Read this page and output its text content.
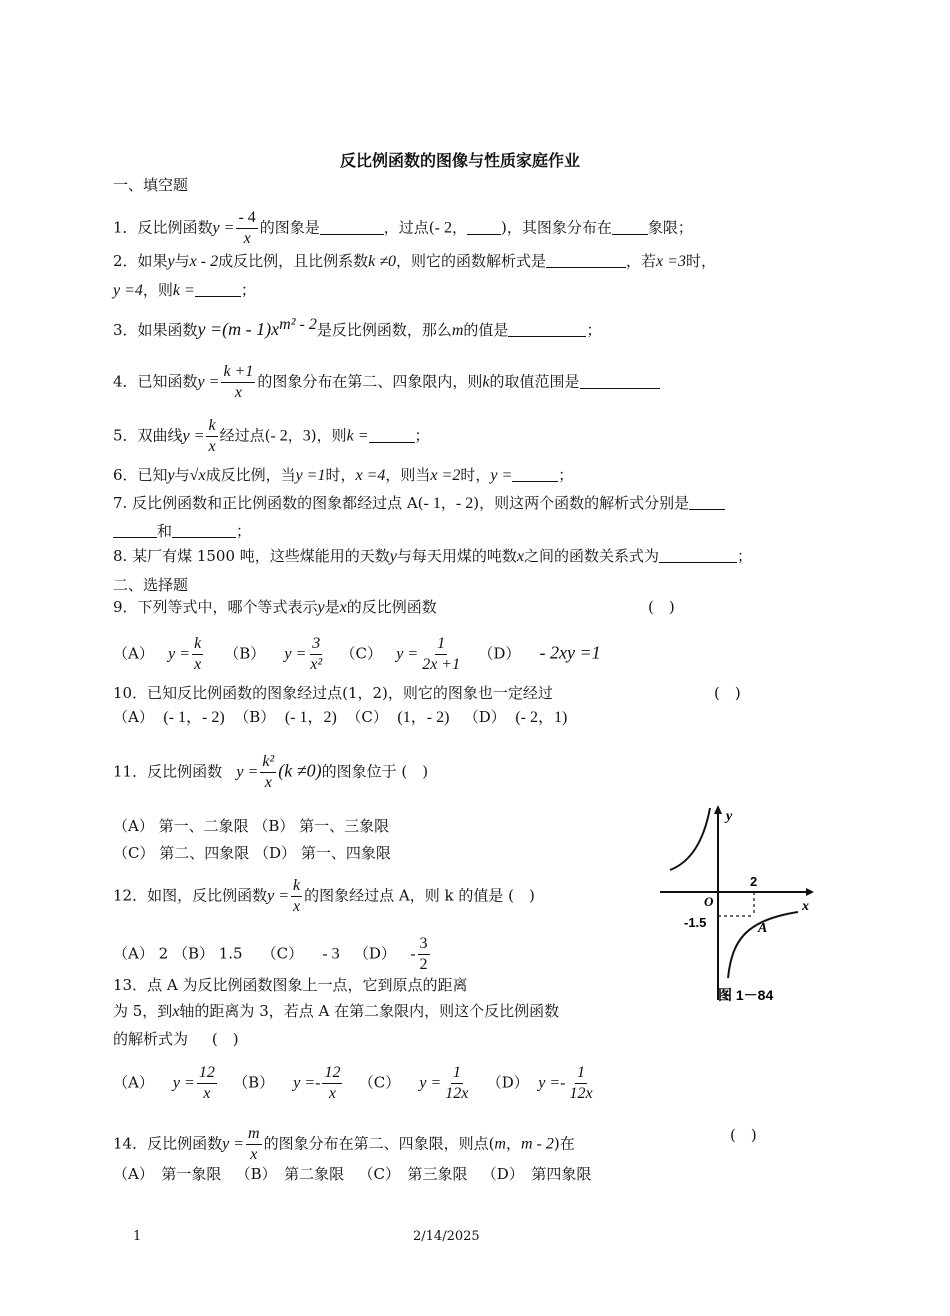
反比例函数的图像与性质家庭作业
一、填空题
1．反比例函数$y = \frac{- 4}{x}$ 的图象是	，过点(- 2， )，其图象分布在 象限；
2．如果y与x - 2成反比例，且比例系数k ≠0，则它的函数解析式是	，若x =3时，
y =4，则k =	；
3．如果函数$y =(m - 1)x^{m^2 - 2}$是反比例函数，那么m的值是	；
4．已知函数$y = \frac{k +1}{x}$ 的图象分布在第二、四象限内，则k的取值范围是
5．双曲线$y = \frac{k}{x}$ 经过点(- 2，3)，则k =	；
6．已知y与√x成反比例，当y =1时，x =4，则当x =2时，y =	；
7. 反比例函数和正比例函数的图象都经过点 A(- 1，- 2)，则这两个函数的解析式分别是
和	；
8. 某厂有煤 1500 吨，这些煤能用的天数y与每天用煤的吨数x之间的函数关系式为	；
二、选择题
9．下列等式中，哪个等式表示y是x的反比例函数	(　)
（A） $y = \frac{k}{x} (B) y = \frac{3}{\text{x²}} (C) y = \frac{1}{2x +1} (D) - 2xy =1$
10．已知反比例函数的图象经过点(1，2)，则它的图象也一定经过	(　)
（A） (- 1，- 2) （B） (- 1，2) （C） (1，- 2) （D） (- 2，1)
11．反比例函数 $y = \frac{\text{k²}}{x} (k \ne 0)$的图象位于 (　)
（A） 第一、二象限 （B） 第一、三象限
（C） 第二、四象限 （D） 第一、四象限
12．如图，反比例函数$y = \frac{k}{x}$ 的图象经过点 A，则 k 的值是 (　)
（A） 2 （B） 1.5 （C） - 3 $(D) - \frac{3}{2}$
y
x
O
2
-1.5	A
图 1－84
13．点 A 为反比例函数图象上一点，它到原点的距离
为 5，到x轴的距离为 3，若点 A 在第二象限内，则这个反比例函数
的解析式为 (　)
（A） $y = \frac{12}{x} (B) y =- \frac{12}{x} (C) y = \frac{1}{12x} (D) y =- \frac{1}{12x}$
14．反比例函数$y = \frac{m}{x}$ 的图象分布在第二、四象限，则点(m，m - 2)在	(　)
（A）　第一象限 （B）　第二象限 （C）　第三象限 （D）　第四象限
1	2/14/2025
